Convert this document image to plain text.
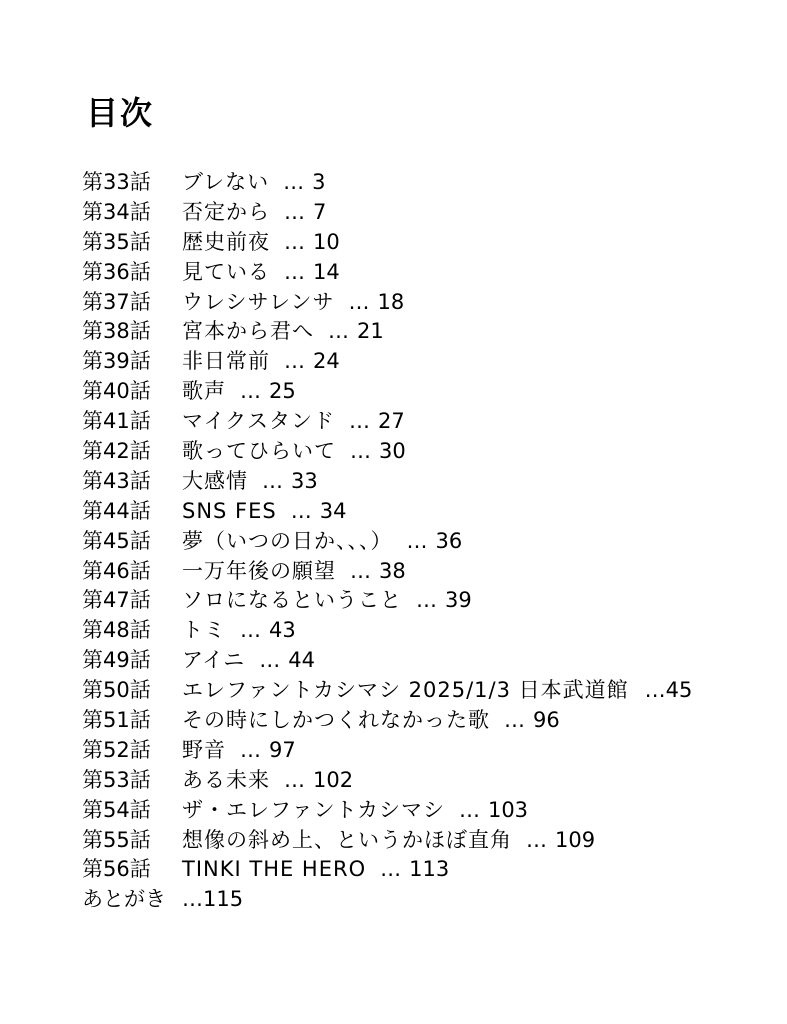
目次
第33話	ブレない … 3
第34話	否定から … 7
第35話	歴史前夜 … 10
第36話	見ている … 14
第37話	ウレシサレンサ … 18
第38話	宮本から君へ … 21
第39話	非日常前 … 24
第40話	歌声 … 25
第41話	マイクスタンド … 27
第42話	歌ってひらいて … 30
第43話	大感情 … 33
第44話	SNS FES … 34
第45話	夢（いつの日か、、、） … 36
第46話	一万年後の願望 … 38
第47話	ソロになるということ … 39
第48話	トミ … 43
第49話	アイニ … 44
第50話	エレファントカシマシ 2025/1/3 日本武道館 … 45
第51話	その時にしかつくれなかった歌 … 96
第52話	野音 … 97
第53話	ある未来 … 102
第54話	ザ・エレファントカシマシ … 103
第55話	想像の斜め上、というかほぼ直角 … 109
第56話	TINKI THE HERO … 113
あとがき … 115
